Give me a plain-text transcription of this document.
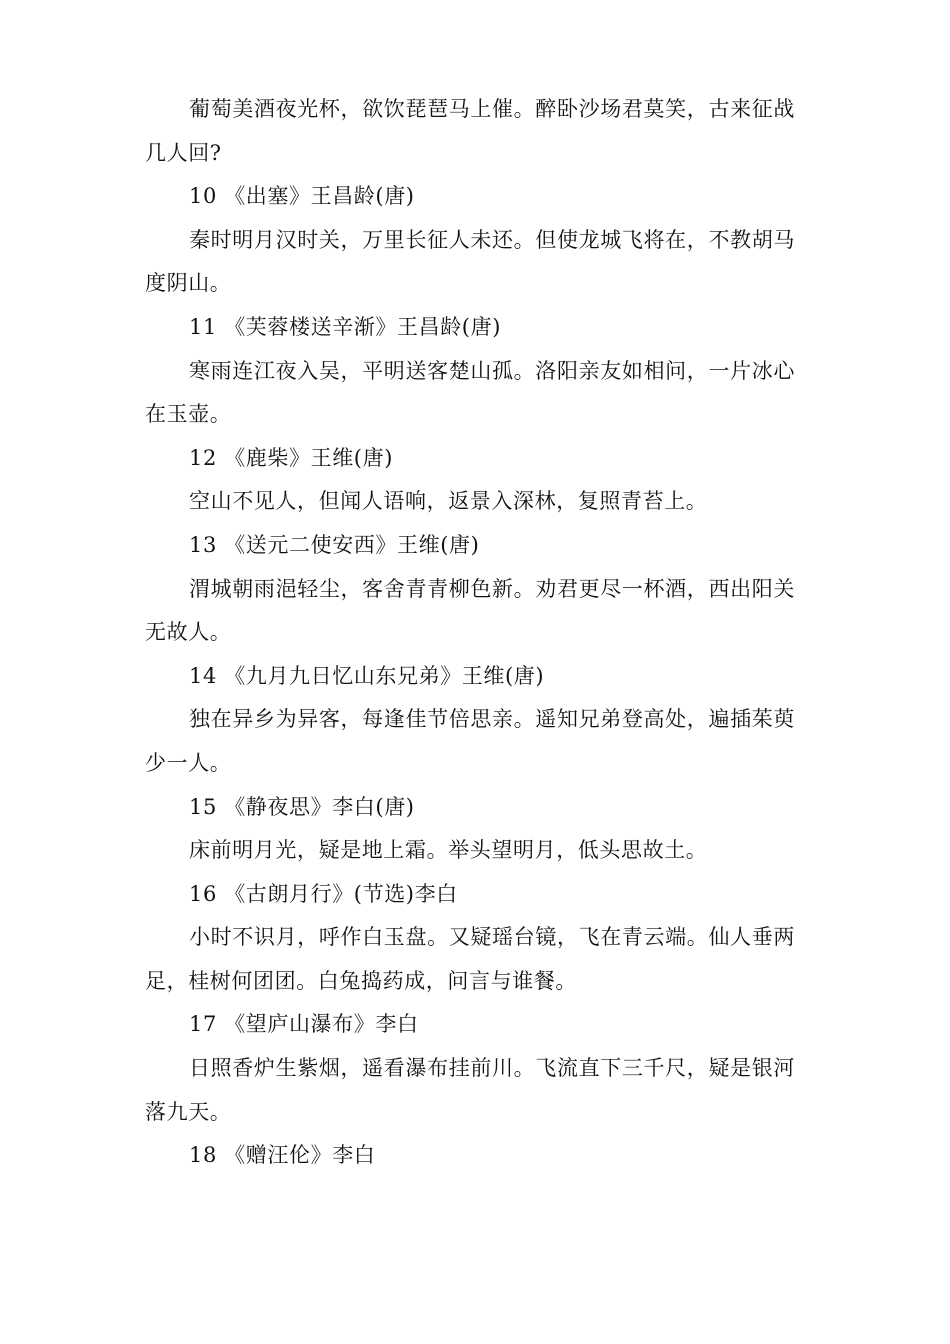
葡萄美酒夜光杯，欲饮琵琶马上催。醉卧沙场君莫笑，古来征战几人回?

10 《出塞》王昌龄(唐)

秦时明月汉时关，万里长征人未还。但使龙城飞将在，不教胡马度阴山。

11 《芙蓉楼送辛渐》王昌龄(唐)

寒雨连江夜入吴，平明送客楚山孤。洛阳亲友如相问，一片冰心在玉壶。

12 《鹿柴》王维(唐)

空山不见人，但闻人语响，返景入深林，复照青苔上。

13 《送元二使安西》王维(唐)

渭城朝雨浥轻尘，客舍青青柳色新。劝君更尽一杯酒，西出阳关无故人。

14 《九月九日忆山东兄弟》王维(唐)

独在异乡为异客，每逢佳节倍思亲。遥知兄弟登高处，遍插茱萸少一人。

15 《静夜思》李白(唐)

床前明月光，疑是地上霜。举头望明月，低头思故土。

16 《古朗月行》(节选)李白

小时不识月，呼作白玉盘。又疑瑶台镜，飞在青云端。仙人垂两足，桂树何团团。白兔捣药成，问言与谁餐。

17 《望庐山瀑布》李白

日照香炉生紫烟，遥看瀑布挂前川。飞流直下三千尺，疑是银河落九天。

18 《赠汪伦》李白
